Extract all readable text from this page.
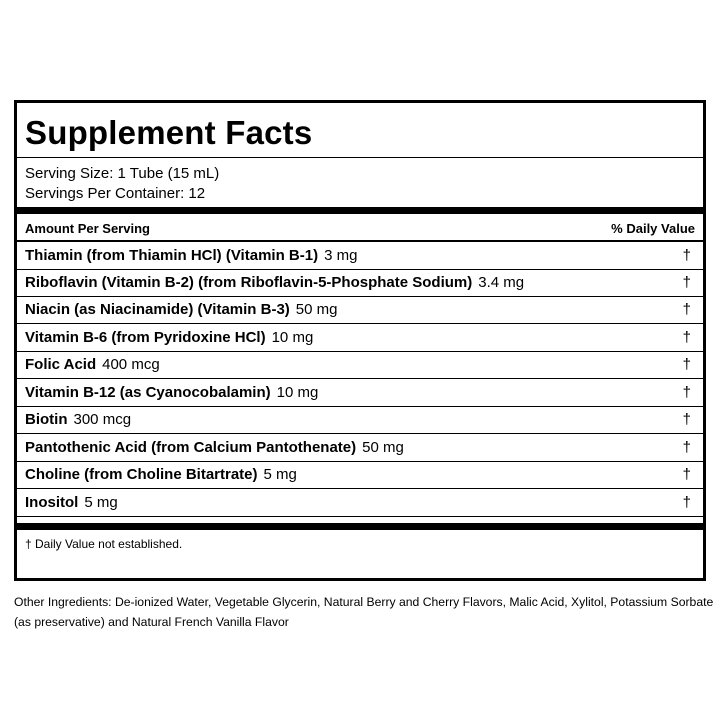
Supplement Facts
Serving Size: 1 Tube (15 mL)
Servings Per Container: 12
Amount Per Serving	% Daily Value
Thiamin (from Thiamin HCl) (Vitamin B-1) 3 mg	†
Riboflavin (Vitamin B-2) (from Riboflavin-5-Phosphate Sodium) 3.4 mg	†
Niacin (as Niacinamide) (Vitamin B-3) 50 mg	†
Vitamin B-6 (from Pyridoxine HCl) 10 mg	†
Folic Acid 400 mcg	†
Vitamin B-12 (as Cyanocobalamin) 10 mg	†
Biotin 300 mcg	†
Pantothenic Acid (from Calcium Pantothenate) 50 mg	†
Choline (from Choline Bitartrate) 5 mg	†
Inositol 5 mg	†
† Daily Value not established.
Other Ingredients: De-ionized Water, Vegetable Glycerin, Natural Berry and Cherry Flavors, Malic Acid, Xylitol, Potassium Sorbate (as preservative) and Natural French Vanilla Flavor
